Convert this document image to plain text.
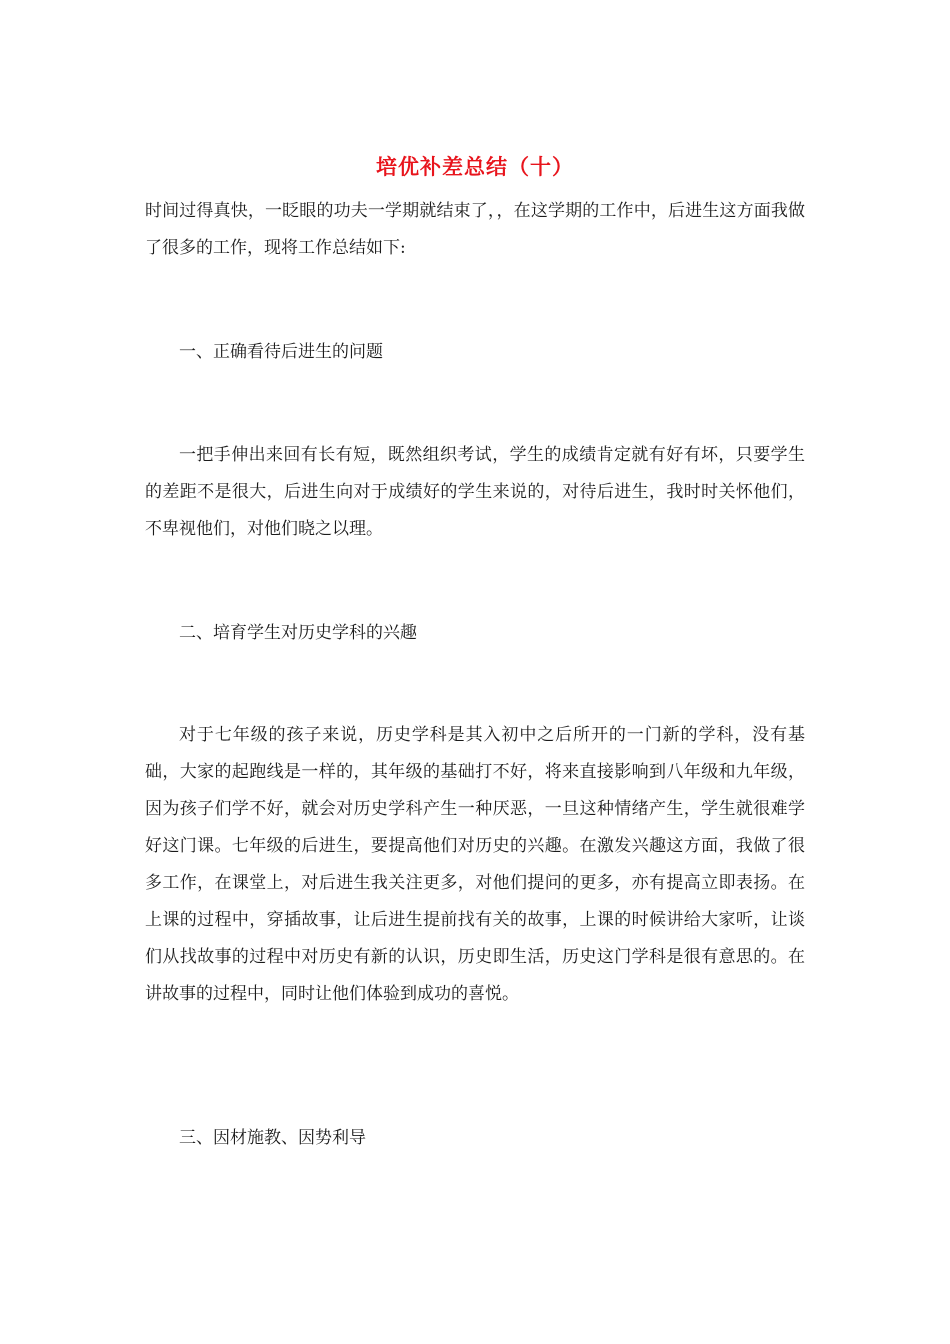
培优补差总结（十）

时间过得真快，一眨眼的功夫一学期就结束了，，在这学期的工作中，后进生这方面我做了很多的工作，现将工作总结如下:

一、正确看待后进生的问题

一把手伸出来回有长有短，既然组织考试，学生的成绩肯定就有好有坏，只要学生的差距不是很大，后进生向对于成绩好的学生来说的，对待后进生，我时时关怀他们，不卑视他们，对他们晓之以理。

二、培育学生对历史学科的兴趣

对于七年级的孩子来说，历史学科是其入初中之后所开的一门新的学科，没有基础，大家的起跑线是一样的，其年级的基础打不好，将来直接影响到八年级和九年级，因为孩子们学不好，就会对历史学科产生一种厌恶，一旦这种情绪产生，学生就很难学好这门课。七年级的后进生，要提高他们对历史的兴趣。在激发兴趣这方面，我做了很多工作，在课堂上，对后进生我关注更多，对他们提问的更多，亦有提高立即表扬。在上课的过程中，穿插故事，让后进生提前找有关的故事，上课的时候讲给大家听，让谈们从找故事的过程中对历史有新的认识，历史即生活，历史这门学科是很有意思的。在讲故事的过程中，同时让他们体验到成功的喜悦。

三、因材施教、因势利导
